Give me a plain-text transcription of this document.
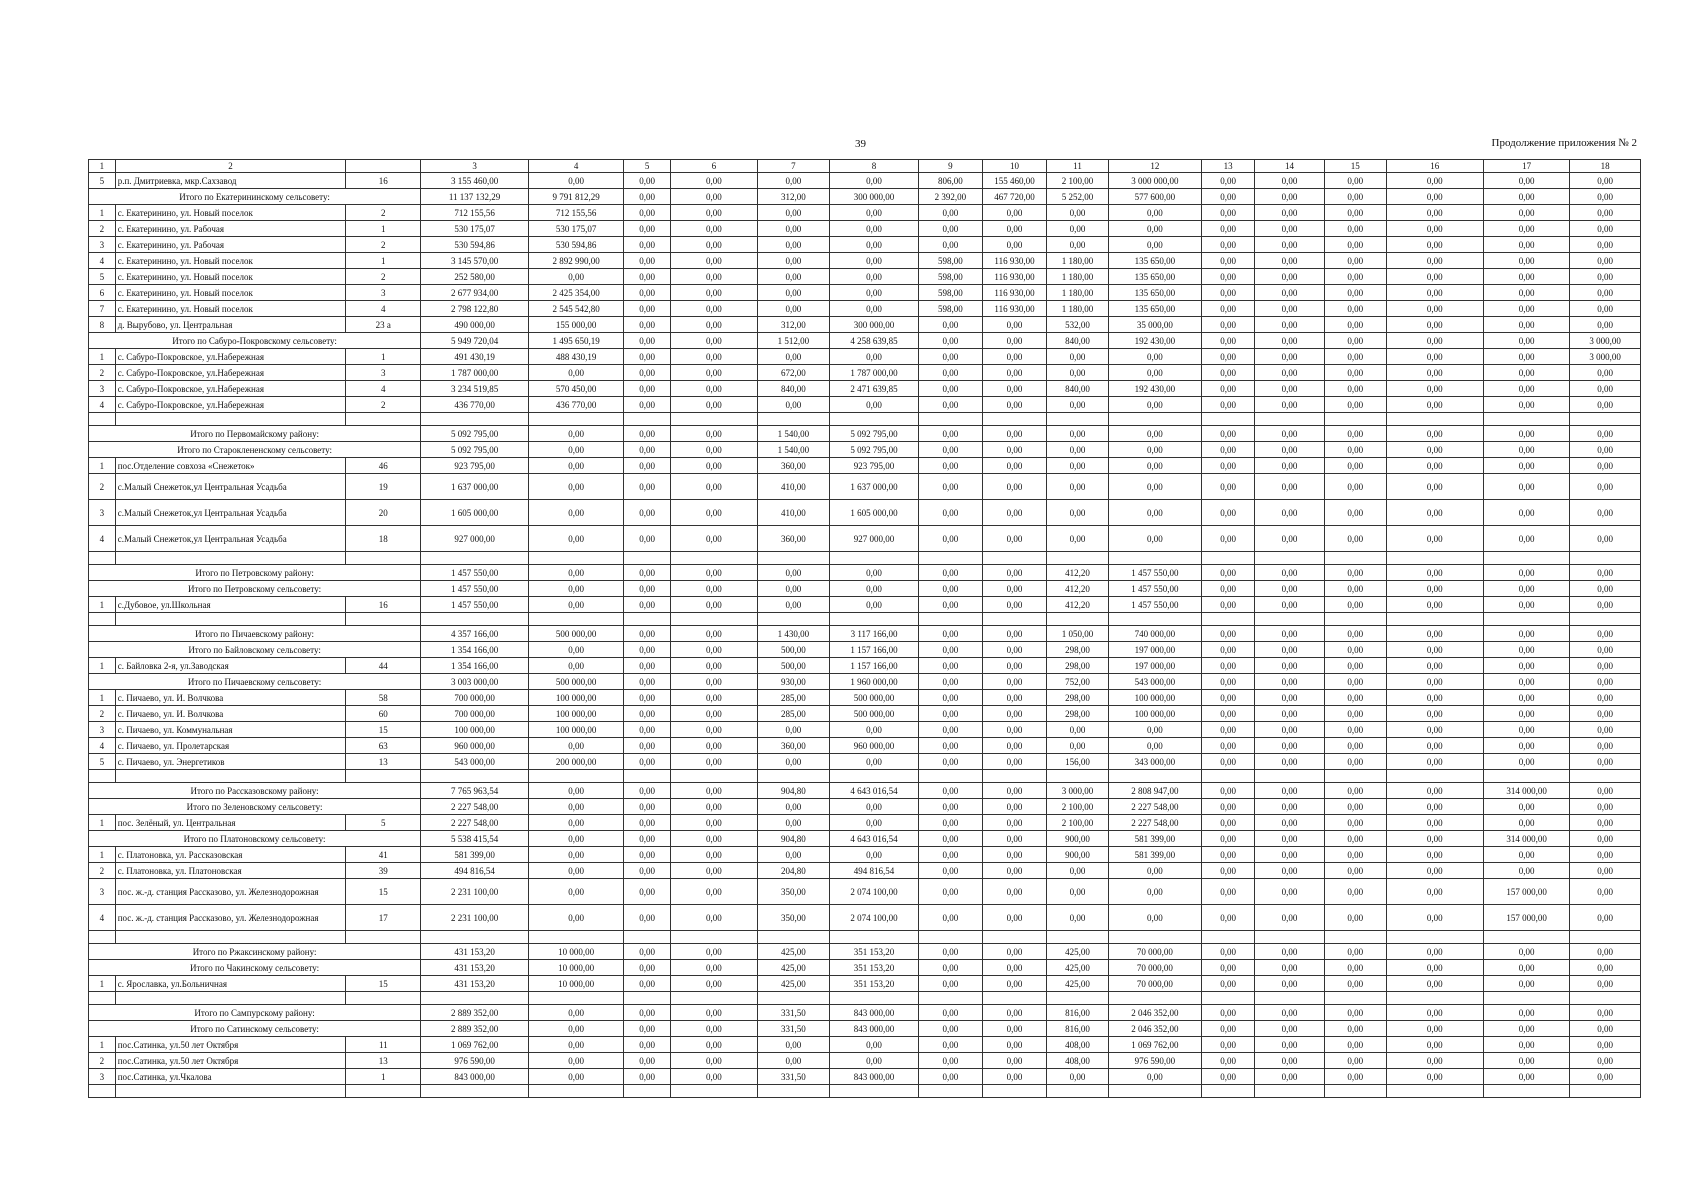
39	Продолжение приложения № 2
1	2		3	4	5	6	7	8	9	10	11	12	13	14	15	16	17	18
5	р.п. Дмитриевка, мкр.Сахзавод	16	3 155 460,00	0,00	0,00	0,00	0,00	0,00	806,00	155 460,00	2 100,00	3 000 000,00	0,00	0,00	0,00	0,00	0,00	0,00
Итого по Екатерининскому сельсовету:			11 137 132,29	9 791 812,29	0,00	0,00	312,00	300 000,00	2 392,00	467 720,00	5 252,00	577 600,00	0,00	0,00	0,00	0,00	0,00	0,00
1	с. Екатеринино, ул. Новый поселок	2	712 155,56	712 155,56	0,00	0,00	0,00	0,00	0,00	0,00	0,00	0,00	0,00	0,00	0,00	0,00	0,00	0,00
2	с. Екатеринино, ул. Рабочая	1	530 175,07	530 175,07	0,00	0,00	0,00	0,00	0,00	0,00	0,00	0,00	0,00	0,00	0,00	0,00	0,00	0,00
3	с. Екатеринино, ул. Рабочая	2	530 594,86	530 594,86	0,00	0,00	0,00	0,00	0,00	0,00	0,00	0,00	0,00	0,00	0,00	0,00	0,00	0,00
4	с. Екатеринино, ул. Новый поселок	1	3 145 570,00	2 892 990,00	0,00	0,00	0,00	0,00	598,00	116 930,00	1 180,00	135 650,00	0,00	0,00	0,00	0,00	0,00	0,00
5	с. Екатеринино, ул. Новый поселок	2	252 580,00	0,00	0,00	0,00	0,00	0,00	598,00	116 930,00	1 180,00	135 650,00	0,00	0,00	0,00	0,00	0,00	0,00
6	с. Екатеринино, ул. Новый поселок	3	2 677 934,00	2 425 354,00	0,00	0,00	0,00	0,00	598,00	116 930,00	1 180,00	135 650,00	0,00	0,00	0,00	0,00	0,00	0,00
7	с. Екатеринино, ул. Новый поселок	4	2 798 122,80	2 545 542,80	0,00	0,00	0,00	0,00	598,00	116 930,00	1 180,00	135 650,00	0,00	0,00	0,00	0,00	0,00	0,00
8	д. Вырубово, ул. Центральная	23 а	490 000,00	155 000,00	0,00	0,00	312,00	300 000,00	0,00	0,00	532,00	35 000,00	0,00	0,00	0,00	0,00	0,00	0,00
Итого по Сабуро-Покровскому сельсовету:			5 949 720,04	1 495 650,19	0,00	0,00	1 512,00	4 258 639,85	0,00	0,00	840,00	192 430,00	0,00	0,00	0,00	0,00	0,00	3 000,00
1	с. Сабуро-Покровское, ул.Набережная	1	491 430,19	488 430,19	0,00	0,00	0,00	0,00	0,00	0,00	0,00	0,00	0,00	0,00	0,00	0,00	0,00	3 000,00
2	с. Сабуро-Покровское, ул.Набережная	3	1 787 000,00	0,00	0,00	0,00	672,00	1 787 000,00	0,00	0,00	0,00	0,00	0,00	0,00	0,00	0,00	0,00	0,00
3	с. Сабуро-Покровское, ул.Набережная	4	3 234 519,85	570 450,00	0,00	0,00	840,00	2 471 639,85	0,00	0,00	840,00	192 430,00	0,00	0,00	0,00	0,00	0,00	0,00
4	с. Сабуро-Покровское, ул.Набережная	2	436 770,00	436 770,00	0,00	0,00	0,00	0,00	0,00	0,00	0,00	0,00	0,00	0,00	0,00	0,00	0,00	0,00

Итого по Первомайскому району:			5 092 795,00	0,00	0,00	0,00	1 540,00	5 092 795,00	0,00	0,00	0,00	0,00	0,00	0,00	0,00	0,00	0,00	0,00
Итого по Староклененскому сельсовету:			5 092 795,00	0,00	0,00	0,00	1 540,00	5 092 795,00	0,00	0,00	0,00	0,00	0,00	0,00	0,00	0,00	0,00	0,00
1	пос.Отделение совхоза «Снежеток»	46	923 795,00	0,00	0,00	0,00	360,00	923 795,00	0,00	0,00	0,00	0,00	0,00	0,00	0,00	0,00	0,00	0,00
2	с.Малый Снежеток,ул Центральная Усадьба	19	1 637 000,00	0,00	0,00	0,00	410,00	1 637 000,00	0,00	0,00	0,00	0,00	0,00	0,00	0,00	0,00	0,00	0,00
3	с.Малый Снежеток,ул Центральная Усадьба	20	1 605 000,00	0,00	0,00	0,00	410,00	1 605 000,00	0,00	0,00	0,00	0,00	0,00	0,00	0,00	0,00	0,00	0,00
4	с.Малый Снежеток,ул Центральная Усадьба	18	927 000,00	0,00	0,00	0,00	360,00	927 000,00	0,00	0,00	0,00	0,00	0,00	0,00	0,00	0,00	0,00	0,00

Итого по Петровскому району:			1 457 550,00	0,00	0,00	0,00	0,00	0,00	0,00	0,00	412,20	1 457 550,00	0,00	0,00	0,00	0,00	0,00	0,00
Итого по Петровскому сельсовету:			1 457 550,00	0,00	0,00	0,00	0,00	0,00	0,00	0,00	412,20	1 457 550,00	0,00	0,00	0,00	0,00	0,00	0,00
1	с.Дубовое, ул.Школьная	16	1 457 550,00	0,00	0,00	0,00	0,00	0,00	0,00	0,00	412,20	1 457 550,00	0,00	0,00	0,00	0,00	0,00	0,00

Итого по Пичаевскому району:			4 357 166,00	500 000,00	0,00	0,00	1 430,00	3 117 166,00	0,00	0,00	1 050,00	740 000,00	0,00	0,00	0,00	0,00	0,00	0,00
Итого по Байловскому сельсовету:			1 354 166,00	0,00	0,00	0,00	500,00	1 157 166,00	0,00	0,00	298,00	197 000,00	0,00	0,00	0,00	0,00	0,00	0,00
1	с. Байловка 2-я, ул.Заводская	44	1 354 166,00	0,00	0,00	0,00	500,00	1 157 166,00	0,00	0,00	298,00	197 000,00	0,00	0,00	0,00	0,00	0,00	0,00
Итого по Пичаевскому сельсовету:			3 003 000,00	500 000,00	0,00	0,00	930,00	1 960 000,00	0,00	0,00	752,00	543 000,00	0,00	0,00	0,00	0,00	0,00	0,00
1	с. Пичаево, ул. И. Волчкова	58	700 000,00	100 000,00	0,00	0,00	285,00	500 000,00	0,00	0,00	298,00	100 000,00	0,00	0,00	0,00	0,00	0,00	0,00
2	с. Пичаево, ул. И. Волчкова	60	700 000,00	100 000,00	0,00	0,00	285,00	500 000,00	0,00	0,00	298,00	100 000,00	0,00	0,00	0,00	0,00	0,00	0,00
3	с. Пичаево, ул. Коммунальная	15	100 000,00	100 000,00	0,00	0,00	0,00	0,00	0,00	0,00	0,00	0,00	0,00	0,00	0,00	0,00	0,00	0,00
4	с. Пичаево, ул. Пролетарская	63	960 000,00	0,00	0,00	0,00	360,00	960 000,00	0,00	0,00	0,00	0,00	0,00	0,00	0,00	0,00	0,00	0,00
5	с. Пичаево, ул. Энергетиков	13	543 000,00	200 000,00	0,00	0,00	0,00	0,00	0,00	0,00	156,00	343 000,00	0,00	0,00	0,00	0,00	0,00	0,00

Итого по Рассказовскому району:			7 765 963,54	0,00	0,00	0,00	904,80	4 643 016,54	0,00	0,00	3 000,00	2 808 947,00	0,00	0,00	0,00	0,00	314 000,00	0,00
Итого по Зеленовскому сельсовету:			2 227 548,00	0,00	0,00	0,00	0,00	0,00	0,00	0,00	2 100,00	2 227 548,00	0,00	0,00	0,00	0,00	0,00	0,00
1	пос. Зелёный, ул. Центральная	5	2 227 548,00	0,00	0,00	0,00	0,00	0,00	0,00	0,00	2 100,00	2 227 548,00	0,00	0,00	0,00	0,00	0,00	0,00
Итого по Платоновскому сельсовету:			5 538 415,54	0,00	0,00	0,00	904,80	4 643 016,54	0,00	0,00	900,00	581 399,00	0,00	0,00	0,00	0,00	314 000,00	0,00
1	с. Платоновка, ул. Рассказовская	41	581 399,00	0,00	0,00	0,00	0,00	0,00	0,00	0,00	900,00	581 399,00	0,00	0,00	0,00	0,00	0,00	0,00
2	с. Платоновка, ул. Платоновская	39	494 816,54	0,00	0,00	0,00	204,80	494 816,54	0,00	0,00	0,00	0,00	0,00	0,00	0,00	0,00	0,00	0,00
3	пос. ж.-д. станция Рассказово, ул. Железнодорожная	15	2 231 100,00	0,00	0,00	0,00	350,00	2 074 100,00	0,00	0,00	0,00	0,00	0,00	0,00	0,00	0,00	157 000,00	0,00
4	пос. ж.-д. станция Рассказово, ул. Железнодорожная	17	2 231 100,00	0,00	0,00	0,00	350,00	2 074 100,00	0,00	0,00	0,00	0,00	0,00	0,00	0,00	0,00	157 000,00	0,00

Итого по Ржаксинскому району:			431 153,20	10 000,00	0,00	0,00	425,00	351 153,20	0,00	0,00	425,00	70 000,00	0,00	0,00	0,00	0,00	0,00	0,00
Итого по Чакинскому сельсовету:			431 153,20	10 000,00	0,00	0,00	425,00	351 153,20	0,00	0,00	425,00	70 000,00	0,00	0,00	0,00	0,00	0,00	0,00
1	с. Ярославка, ул.Больничная	15	431 153,20	10 000,00	0,00	0,00	425,00	351 153,20	0,00	0,00	425,00	70 000,00	0,00	0,00	0,00	0,00	0,00	0,00

Итого по Сампурскому району:			2 889 352,00	0,00	0,00	0,00	331,50	843 000,00	0,00	0,00	816,00	2 046 352,00	0,00	0,00	0,00	0,00	0,00	0,00
Итого по Сатинскому сельсовету:			2 889 352,00	0,00	0,00	0,00	331,50	843 000,00	0,00	0,00	816,00	2 046 352,00	0,00	0,00	0,00	0,00	0,00	0,00
1	пос.Сатинка, ул.50 лет Октября	11	1 069 762,00	0,00	0,00	0,00	0,00	0,00	0,00	0,00	408,00	1 069 762,00	0,00	0,00	0,00	0,00	0,00	0,00
2	пос.Сатинка, ул.50 лет Октября	13	976 590,00	0,00	0,00	0,00	0,00	0,00	0,00	0,00	408,00	976 590,00	0,00	0,00	0,00	0,00	0,00	0,00
3	пос.Сатинка, ул.Чкалова	1	843 000,00	0,00	0,00	0,00	331,50	843 000,00	0,00	0,00	0,00	0,00	0,00	0,00	0,00	0,00	0,00	0,00
